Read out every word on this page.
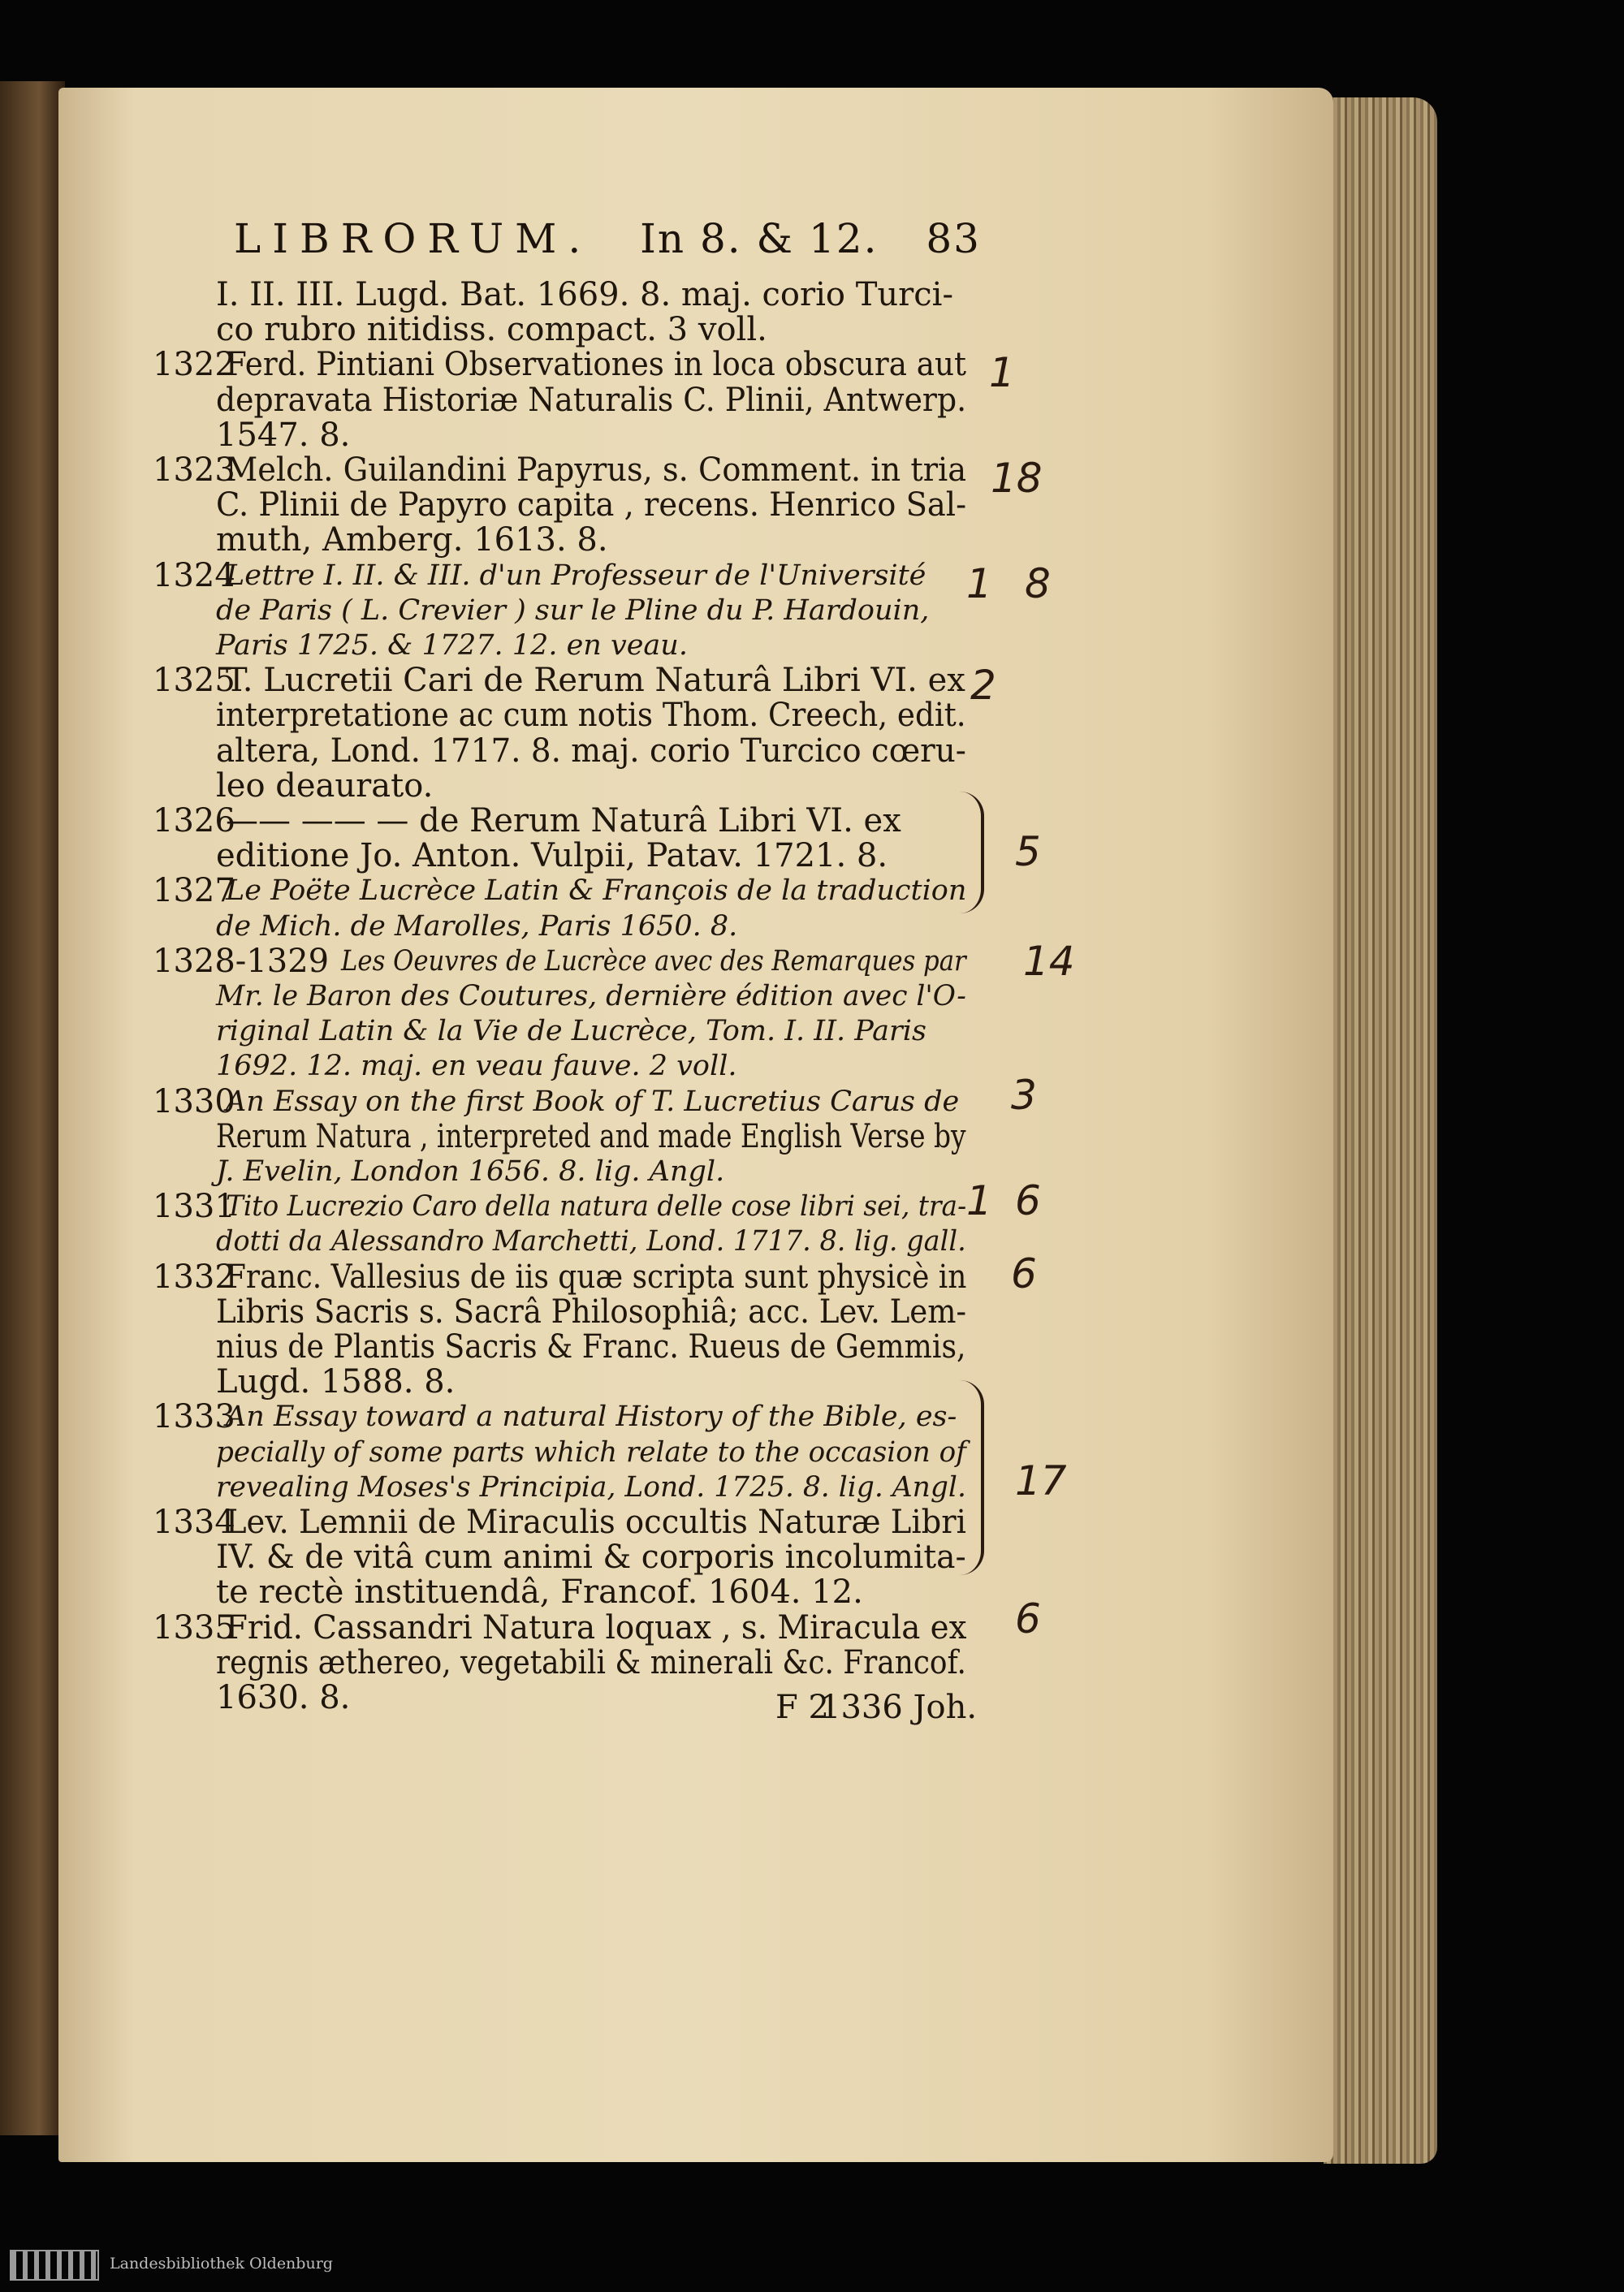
LIBRORUM. In 8. & 12. 83
I. II. III. Lugd. Bat. 1669. 8. maj. corio Turci-
co rubro nitidiss. compact. 3 voll.
1322
Ferd. Pintiani Observationes in loca obscura aut
depravata Historiæ Naturalis C. Plinii, Antwerp.
1547. 8.
1323
Melch. Guilandini Papyrus, s. Comment. in tria
C. Plinii de Papyro capita , recens. Henrico Sal-
muth, Amberg. 1613. 8.
1324
Lettre I. II. & III. d'un Professeur de l'Université
de Paris ( L. Crevier ) sur le Pline du P. Hardouin,
Paris 1725. & 1727. 12. en veau.
1325
T. Lucretii Cari de Rerum Naturâ Libri VI. ex
interpretatione ac cum notis Thom. Creech, edit.
altera, Lond. 1717. 8. maj. corio Turcico cœru-
leo deaurato.
1326
—— —— — de Rerum Naturâ Libri VI. ex
editione Jo. Anton. Vulpii, Patav. 1721. 8.
1327
Le Poëte Lucrèce Latin & François de la traduction
de Mich. de Marolles, Paris 1650. 8.
1328-1329 Les Oeuvres de Lucrèce avec des Remarques par
Mr. le Baron des Coutures, dernière édition avec l'O-
riginal Latin & la Vie de Lucrèce, Tom. I. II. Paris
1692. 12. maj. en veau fauve. 2 voll.
1330
An Essay on the first Book of T. Lucretius Carus de
Rerum Natura , interpreted and made English Verse by
J. Evelin, London 1656. 8. lig. Angl.
1331
Tito Lucrezio Caro della natura delle cose libri sei, tra-
dotti da Alessandro Marchetti, Lond. 1717. 8. lig. gall.
1332
Franc. Vallesius de iis quæ scripta sunt physicè in
Libris Sacris s. Sacrâ Philosophiâ; acc. Lev. Lem-
nius de Plantis Sacris & Franc. Rueus de Gemmis,
Lugd. 1588. 8.
1333
An Essay toward a natural History of the Bible, es-
pecially of some parts which relate to the occasion of
revealing Moses's Principia, Lond. 1725. 8. lig. Angl.
1334
Lev. Lemnii de Miraculis occultis Naturæ Libri
IV. & de vitâ cum animi & corporis incolumita-
te rectè instituendâ, Francof. 1604. 12.
1335
Frid. Cassandri Natura loquax , s. Miracula ex
regnis æthereo, vegetabili & minerali &c. Francof.
1630. 8.
1
18
1 8
2
5
14
3
1 6
6
17
6
F 2
1336 Joh.
Landesbibliothek Oldenburg
